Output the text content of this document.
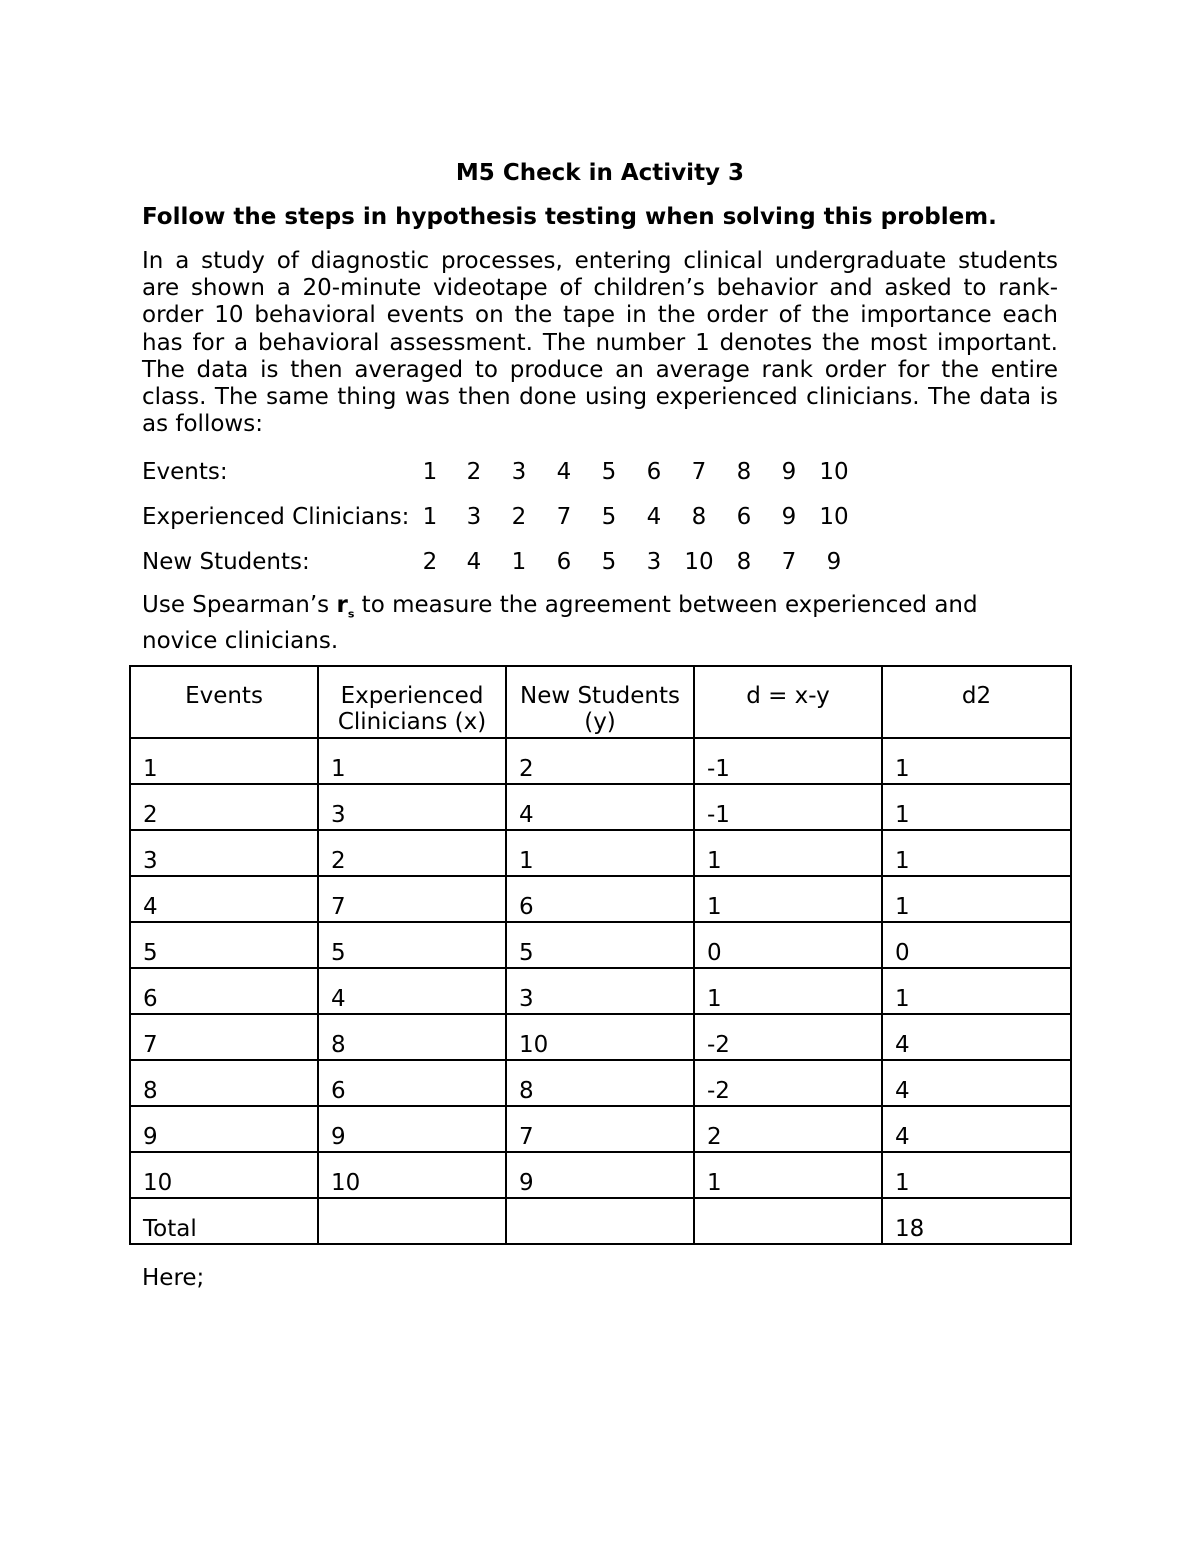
M5 Check in Activity 3
Follow the steps in hypothesis testing when solving this problem.
In a study of diagnostic processes, entering clinical undergraduate students are shown a 20-minute videotape of children’s behavior and asked to rank-order 10 behavioral events on the tape in the order of the importance each has for a behavioral assessment. The number 1 denotes the most important. The data is then averaged to produce an average rank order for the entire class. The same thing was then done using experienced clinicians. The data is as follows:
Events:	1	2	3	4	5	6	7	8	9	10
Experienced Clinicians: 1	3	2	7	5	4	8	6	9	10
New Students:	2	4	1	6	5	3	10	8	7	9
Use Spearman’s $r_s$ to measure the agreement between experienced and novice clinicians.
Events	Experienced Clinicians (x)	New Students (y)	d = x-y	d2
1	1	2	-1	1
2	3	4	-1	1
3	2	1	1	1
4	7	6	1	1
5	5	5	0	0
6	4	3	1	1
7	8	10	-2	4
8	6	8	-2	4
9	9	7	2	4
10	10	9	1	1
Total				18
Here;
